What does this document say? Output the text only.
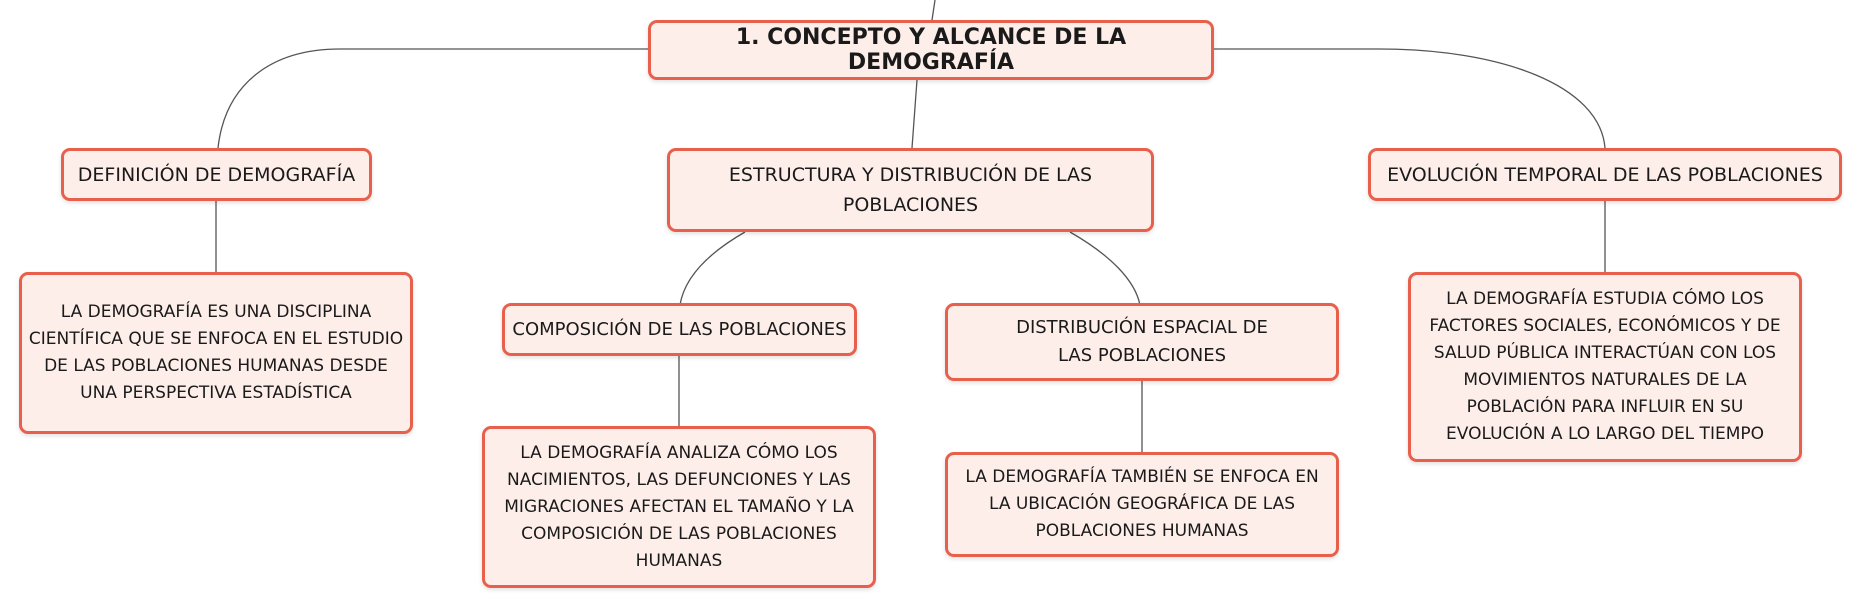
1. CONCEPTO Y ALCANCE DE LA DEMOGRAFÍA
DEFINICIÓN DE DEMOGRAFÍA
LA DEMOGRAFÍA ES UNA DISCIPLINA CIENTÍFICA QUE SE ENFOCA EN EL ESTUDIO DE LAS POBLACIONES HUMANAS DESDE UNA PERSPECTIVA ESTADÍSTICA
ESTRUCTURA Y DISTRIBUCIÓN DE LAS POBLACIONES
COMPOSICIÓN DE LAS POBLACIONES
LA DEMOGRAFÍA ANALIZA CÓMO LOS NACIMIENTOS, LAS DEFUNCIONES Y LAS MIGRACIONES AFECTAN EL TAMAÑO Y LA COMPOSICIÓN DE LAS POBLACIONES HUMANAS
DISTRIBUCIÓN ESPACIAL DE LAS POBLACIONES
LA DEMOGRAFÍA TAMBIÉN SE ENFOCA EN LA UBICACIÓN GEOGRÁFICA DE LAS POBLACIONES HUMANAS
EVOLUCIÓN TEMPORAL DE LAS POBLACIONES
LA DEMOGRAFÍA ESTUDIA CÓMO LOS FACTORES SOCIALES, ECONÓMICOS Y DE SALUD PÚBLICA INTERACTÚAN CON LOS MOVIMIENTOS NATURALES DE LA POBLACIÓN PARA INFLUIR EN SU EVOLUCIÓN A LO LARGO DEL TIEMPO
